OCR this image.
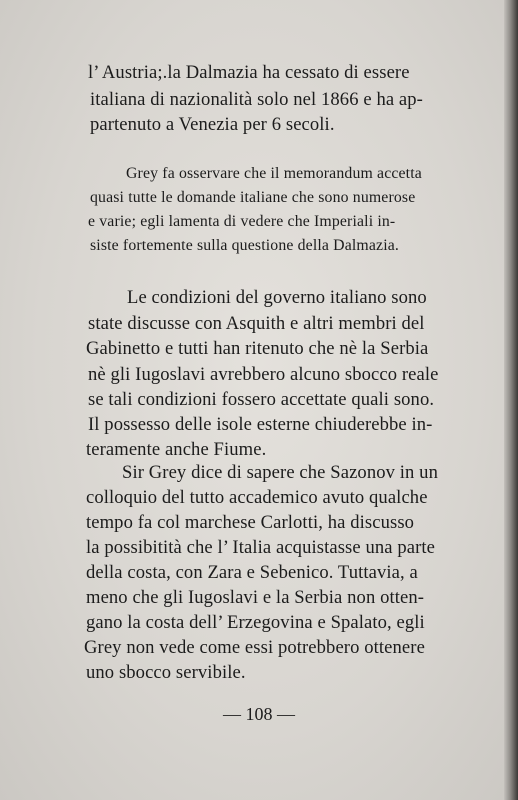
l’ Austria;.la Dalmazia ha cessato di essere
italiana di nazionalità solo nel 1866 e ha ap-
partenuto a Venezia per 6 secoli.
Grey fa osservare che il memorandum accetta
quasi tutte le domande italiane che sono numerose
e varie; egli lamenta di vedere che Imperiali in-
siste fortemente sulla questione della Dalmazia.
Le condizioni del governo italiano sono
state discusse con Asquith e altri membri del
Gabinetto e tutti han ritenuto che nè la Serbia
nè gli Iugoslavi avrebbero alcuno sbocco reale
se tali condizioni fossero accettate quali sono.
Il possesso delle isole esterne chiuderebbe in-
teramente anche Fiume.
Sir Grey dice di sapere che Sazonov in un
colloquio del tutto accademico avuto qualche
tempo fa col marchese Carlotti, ha discusso
la possibitità che l’ Italia acquistasse una parte
della costa, con Zara e Sebenico. Tuttavia, a
meno che gli Iugoslavi e la Serbia non otten-
gano la costa dell’ Erzegovina e Spalato, egli
Grey non vede come essi potrebbero ottenere
uno sbocco servibile.
— 108 —
